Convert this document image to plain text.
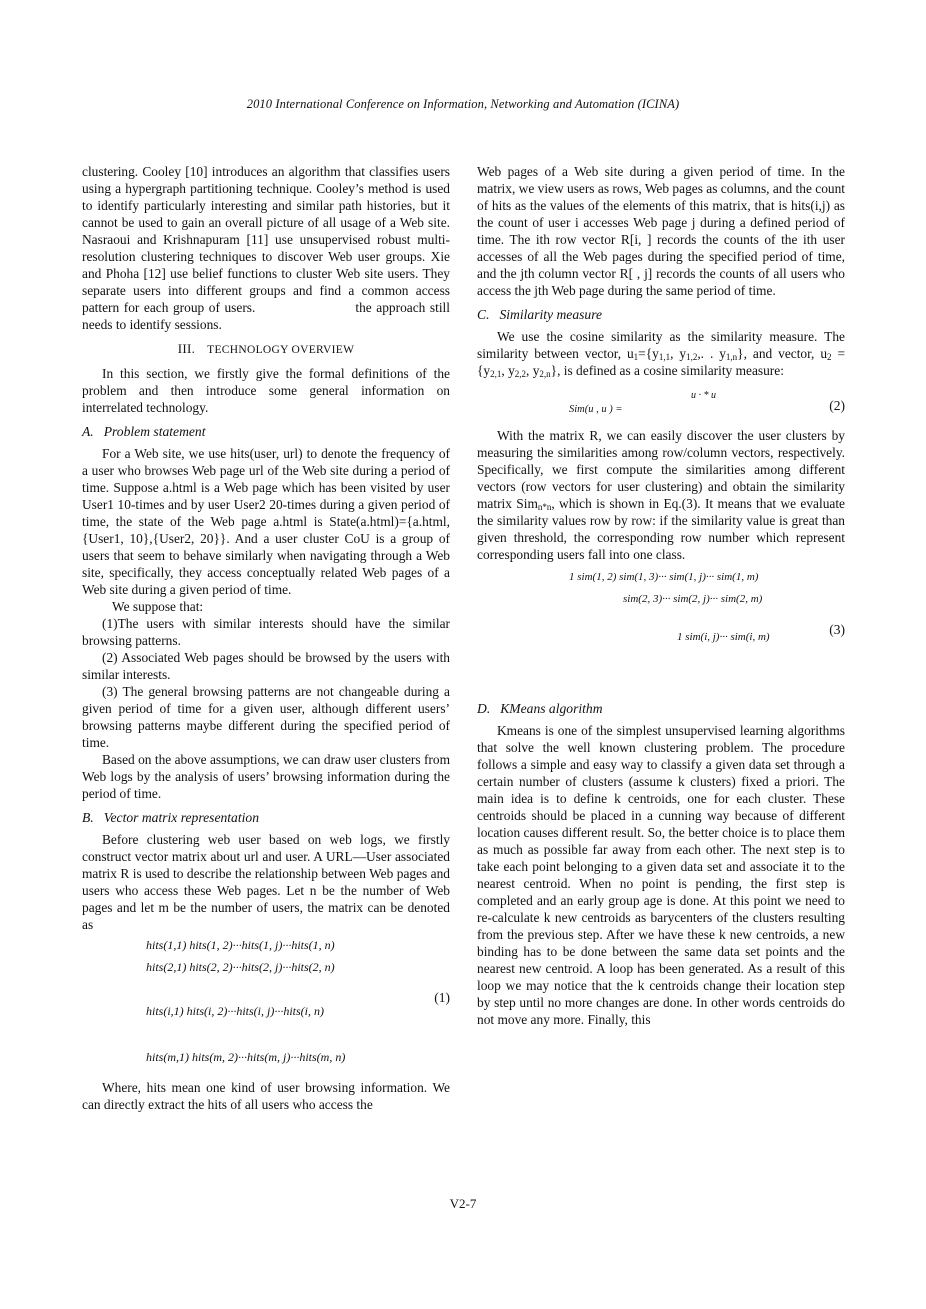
2010 International Conference on Information, Networking and Automation (ICINA)

clustering. Cooley [10] introduces an algorithm that classifies users using a hypergraph partitioning technique. Cooley’s method is used to identify particularly interesting and similar path histories, but it cannot be used to gain an overall picture of all usage of a Web site. Nasraoui and Krishnapuram [11] use unsupervised robust multi-resolution clustering techniques to discover Web user groups. Xie and Phoha [12] use belief functions to cluster Web site users. They separate users into different groups and find a common access pattern for each group of users.	the approach still needs to identify sessions.

III. TECHNOLOGY OVERVIEW

In this section, we firstly give the formal definitions of the problem and then introduce some general information on interrelated technology.

A. Problem statement

For a Web site, we use hits(user, url) to denote the frequency of a user who browses Web page url of the Web site during a period of time. Suppose a.html is a Web page which has been visited by user User1 10-times and by user User2 20-times during a given period of time, the state of the Web page a.html is State(a.html)={a.html,{User1, 10},{User2, 20}}. And a user cluster CoU is a group of users that seem to behave similarly when navigating through a Web site, specifically, they access conceptually related Web pages of a Web site during a given period of time.

We suppose that:

(1)The users with similar interests should have the similar browsing patterns.

(2) Associated Web pages should be browsed by the users with similar interests.

(3) The general browsing patterns are not changeable during a given period of time for a given user, although different users’ browsing patterns maybe different during the specified period of time.

Based on the above assumptions, we can draw user clusters from Web logs by the analysis of users’ browsing information during the period of time.

B. Vector matrix representation

Before clustering web user based on web logs, we firstly construct vector matrix about url and user. A URL—User associated matrix R is used to describe the relationship between Web pages and users who access these Web pages. Let n be the number of Web pages and let m be the number of users, the matrix can be denoted as

hits(1,1) hits(1, 2)···hits(1, j)···hits(1, n)
hits(2,1) hits(2, 2)···hits(2, j)···hits(2, n)
hits(i,1) hits(i, 2)···hits(i, j)···hits(i, n)
(1)
hits(m,1) hits(m, 2)···hits(m, j)···hits(m, n)

Where, hits mean one kind of user browsing information. We can directly extract the hits of all users who access the

Web pages of a Web site during a given period of time. In the matrix, we view users as rows, Web pages as columns, and the count of hits as the values of the elements of this matrix, that is hits(i,j) as the count of user i accesses Web page j during a defined period of time. The ith row vector R[i, ] records the counts of the ith user accesses of all the Web pages during the specified period of time, and the jth column vector R[ , j] records the counts of all users who access the jth Web page during the same period of time.

C. Similarity measure

We use the cosine similarity as the similarity measure. The similarity between vector, $u_1=\{y_{1,1}$, $y_{1,2}$,. . $y_{1,n}$}, and vector, $u_2 =\{y_{2,1}$, $y_{2,2}$, $y_{2,n}$}, is defined as a cosine similarity measure:

u · * u
Sim(u , u ) =	(2)

With the matrix R, we can easily discover the user clusters by measuring the similarities among row/column vectors, respectively. Specifically, we first compute the similarities among different vectors (row vectors for user clustering) and obtain the similarity matrix Sim$_{n*n}$, which is shown in Eq.(3). It means that we evaluate the similarity values row by row: if the similarity value is great than given threshold, the corresponding row number which represent corresponding users fall into one class.

1 sim(1, 2) sim(1, 3)··· sim(1, j)··· sim(1, m)
sim(2, 3)··· sim(2, j)··· sim(2, m)
(3)
1 sim(i, j)··· sim(i, m)
D. KMeans algorithm

Kmeans is one of the simplest unsupervised learning algorithms that solve the well known clustering problem. The procedure follows a simple and easy way to classify a given data set through a certain number of clusters (assume k clusters) fixed a priori. The main idea is to define k centroids, one for each cluster. These centroids should be placed in a cunning way because of different location causes different result. So, the better choice is to place them as much as possible far away from each other. The next step is to take each point belonging to a given data set and associate it to the nearest centroid. When no point is pending, the first step is completed and an early group age is done. At this point we need to re-calculate k new centroids as barycenters of the clusters resulting from the previous step. After we have these k new centroids, a new binding has to be done between the same data set points and the nearest new centroid. A loop has been generated. As a result of this loop we may notice that the k centroids change their location step by step until no more changes are done. In other words centroids do not move any more. Finally, this

V2-7
